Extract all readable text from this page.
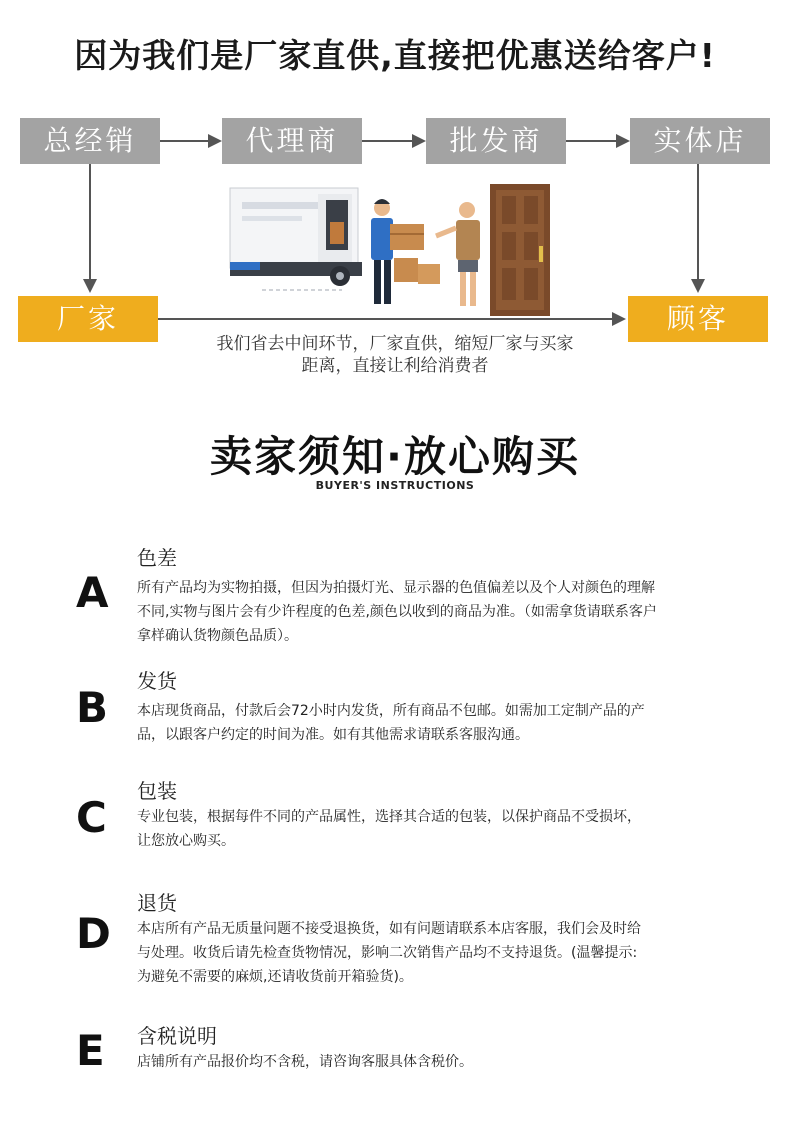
因为我们是厂家直供,直接把优惠送给客户!
总经销	代理商	批发商	实体店
厂家	顾客
我们省去中间环节，厂家直供，缩短厂家与买家
距离，直接让利给消费者
卖家须知·放心购买
BUYER'S INSTRUCTIONS
A
色差
所有产品均为实物拍摄，但因为拍摄灯光、显示器的色值偏差以及个人对颜色的理解
不同,实物与图片会有少许程度的色差,颜色以收到的商品为准。（如需拿货请联系客户
拿样确认货物颜色品质）。
B
发货
本店现货商品，付款后会72小时内发货，所有商品不包邮。如需加工定制产品的产
品，以跟客户约定的时间为准。如有其他需求请联系客服沟通。
C
包装
专业包装，根据每件不同的产品属性，选择其合适的包装，以保护商品不受损坏，
让您放心购买。
D
退货
本店所有产品无质量问题不接受退换货，如有问题请联系本店客服，我们会及时给
与处理。收货后请先检查货物情况，影响二次销售产品均不支持退货。(温馨提示:
为避免不需要的麻烦,还请收货前开箱验货)。
E	含税说明
店铺所有产品报价均不含税，请咨询客服具体含税价。
